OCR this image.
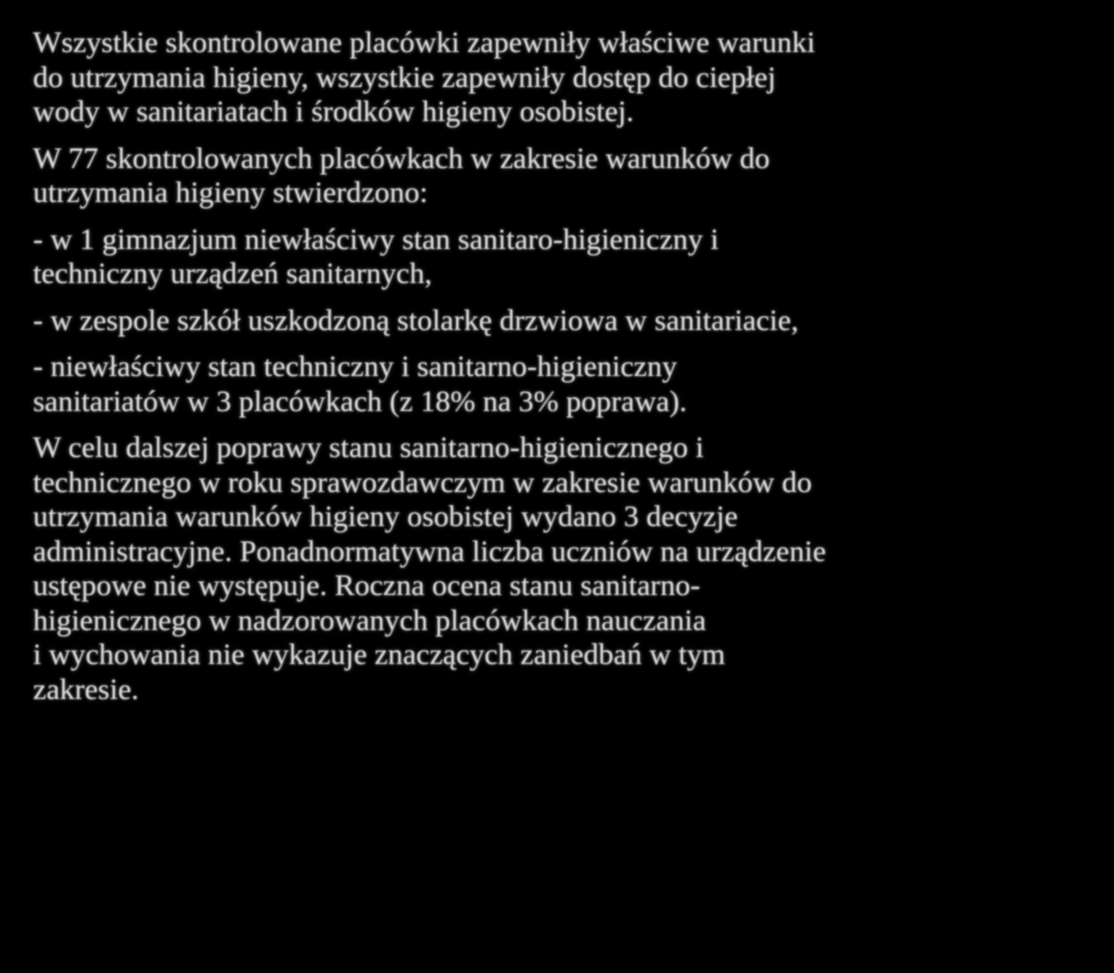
Wszystkie skontrolowane placówki zapewniły właściwe warunki
do utrzymania higieny, wszystkie zapewniły dostęp do ciepłej
wody w sanitariatach i środków higieny osobistej.

W 77 skontrolowanych placówkach w zakresie warunków do
utrzymania higieny stwierdzono:

- w 1 gimnazjum niewłaściwy stan sanitaro-higieniczny i
techniczny urządzeń sanitarnych,

- w zespole szkół uszkodzoną stolarkę drzwiowa w sanitariacie,

- niewłaściwy stan techniczny i sanitarno-higieniczny
sanitariatów w 3 placówkach (z 18% na 3% poprawa).

W celu dalszej poprawy stanu sanitarno-higienicznego i
technicznego w roku sprawozdawczym w zakresie warunków do
utrzymania warunków higieny osobistej wydano 3 decyzje
administracyjne. Ponadnormatywna liczba uczniów na urządzenie
ustępowe nie występuje. Roczna ocena stanu sanitarno-
higienicznego w nadzorowanych placówkach nauczania
i wychowania nie wykazuje znaczących zaniedbań w tym
zakresie.
